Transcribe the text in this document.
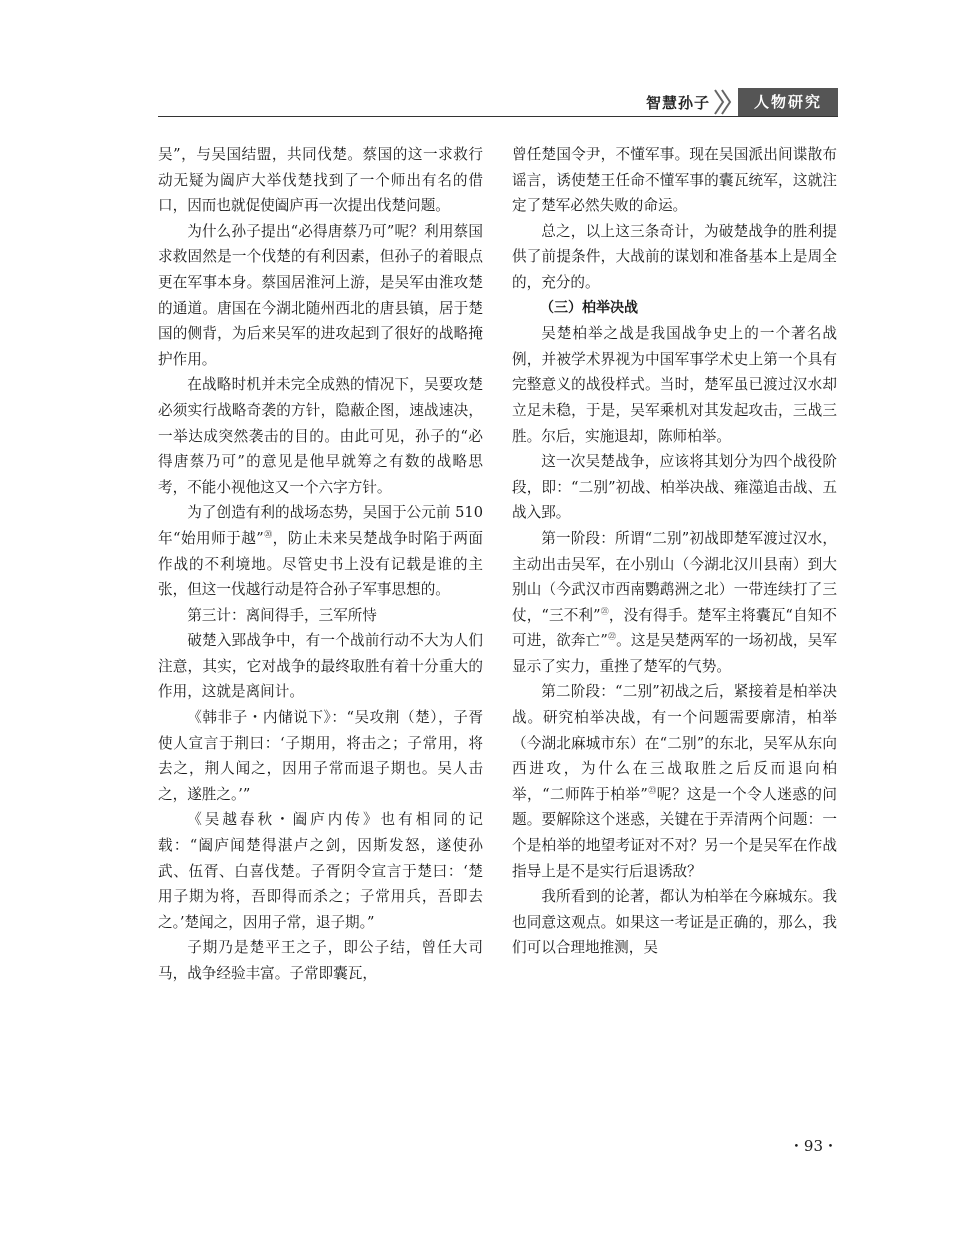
智慧孙子	人物研究

吴”，与吴国结盟，共同伐楚。蔡国的这一求救行动无疑为阖庐大举伐楚找到了一个师出有名的借口，因而也就促使阖庐再一次提出伐楚问题。

为什么孙子提出“必得唐蔡乃可”呢？利用蔡国求救固然是一个伐楚的有利因素，但孙子的着眼点更在军事本身。蔡国居淮河上游，是吴军由淮攻楚的通道。唐国在今湖北随州西北的唐县镇，居于楚国的侧背，为后来吴军的进攻起到了很好的战略掩护作用。

在战略时机并未完全成熟的情况下，吴要攻楚必须实行战略奇袭的方针，隐蔽企图，速战速决，一举达成突然袭击的目的。由此可见，孙子的“必得唐蔡乃可”的意见是他早就筹之有数的战略思考，不能小视他这又一个六字方针。

为了创造有利的战场态势，吴国于公元前 510 年“始用师于越”⑳，防止未来吴楚战争时陷于两面作战的不利境地。尽管史书上没有记载是谁的主张，但这一伐越行动是符合孙子军事思想的。

第三计：离间得手，三军所恃

破楚入郢战争中，有一个战前行动不大为人们注意，其实，它对战争的最终取胜有着十分重大的作用，这就是离间计。

《韩非子・内储说下》：“吴攻荆（楚），子胥使人宣言于荆曰：‘子期用，将击之；子常用，将去之，荆人闻之，因用子常而退子期也。吴人击之，遂胜之。’”

《吴越春秋・阖庐内传》也有相同的记载：“阖庐闻楚得湛卢之剑，因斯发怒，遂使孙武、伍胥、白喜伐楚。子胥阴令宣言于楚曰：‘楚用子期为将，吾即得而杀之；子常用兵，吾即去之。’楚闻之，因用子常，退子期。”

子期乃是楚平王之子，即公子结，曾任大司马，战争经验丰富。子常即囊瓦，

曾任楚国令尹，不懂军事。现在吴国派出间谍散布谣言，诱使楚王任命不懂军事的囊瓦统军，这就注定了楚军必然失败的命运。

总之，以上这三条奇计，为破楚战争的胜利提供了前提条件，大战前的谋划和准备基本上是周全的，充分的。

（三）柏举决战

吴楚柏举之战是我国战争史上的一个著名战例，并被学术界视为中国军事学术史上第一个具有完整意义的战役样式。当时，楚军虽已渡过汉水却立足未稳，于是，吴军乘机对其发起攻击，三战三胜。尔后，实施退却，陈师柏举。

这一次吴楚战争，应该将其划分为四个战役阶段，即：“二别”初战、柏举决战、雍澨追击战、五战入郢。

第一阶段：所谓“二别”初战即楚军渡过汉水，主动出击吴军，在小别山（今湖北汉川县南）到大别山（今武汉市西南鹦鹉洲之北）一带连续打了三仗，“三不利”$^㉑$，没有得手。楚军主将囊瓦“自知不可进，欲奔亡”$^㉒$。这是吴楚两军的一场初战，吴军显示了实力，重挫了楚军的气势。

第二阶段：“二别”初战之后，紧接着是柏举决战。研究柏举决战，有一个问题需要廓清，柏举（今湖北麻城市东）在“二别”的东北，吴军从东向西进攻，为什么在三战取胜之后反而退向柏举，“二师阵于柏举”$^㉓$呢？这是一个令人迷惑的问题。要解除这个迷惑，关键在于弄清两个问题：一个是柏举的地望考证对不对？另一个是吴军在作战指导上是不是实行后退诱敌？

我所看到的论著，都认为柏举在今麻城东。我也同意这观点。如果这一考证是正确的，那么，我们可以合理地推测，吴

・93・
